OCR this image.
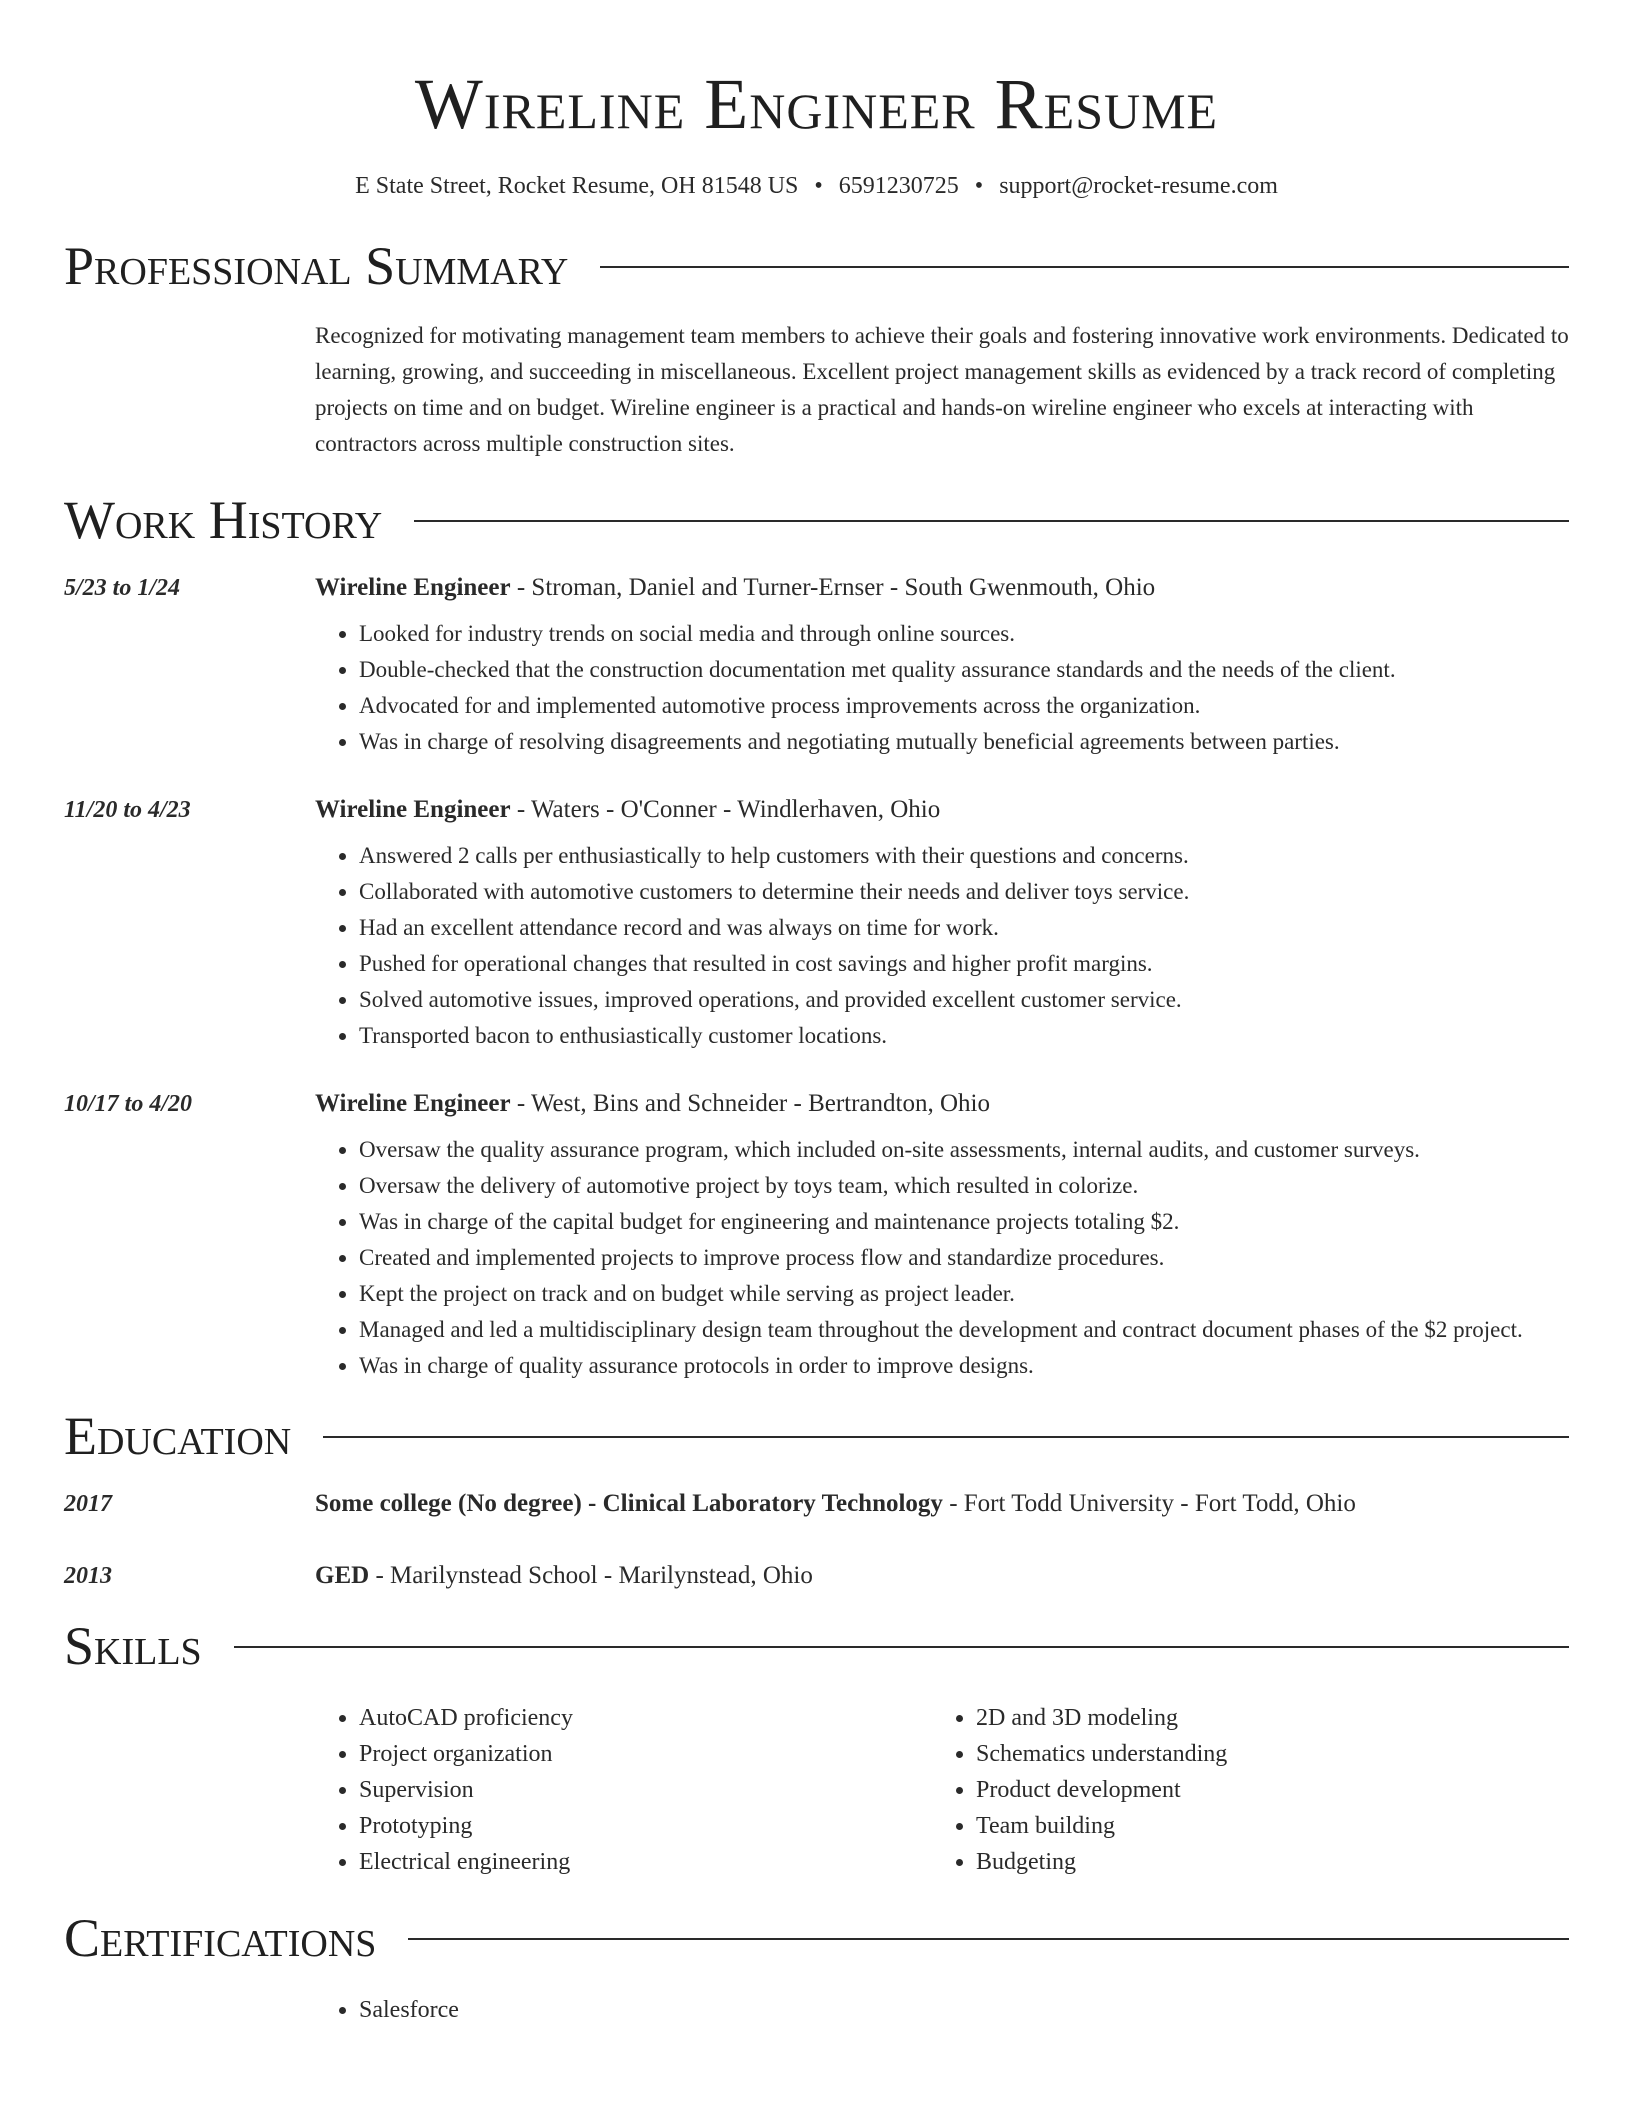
Wireline Engineer Resume
E State Street, Rocket Resume, OH 81548 US • 6591230725 • support@rocket-resume.com
Professional Summary
Recognized for motivating management team members to achieve their goals and fostering innovative work environments. Dedicated to learning, growing, and succeeding in miscellaneous. Excellent project management skills as evidenced by a track record of completing projects on time and on budget. Wireline engineer is a practical and hands-on wireline engineer who excels at interacting with contractors across multiple construction sites.
Work History
5/23 to 1/24	Wireline Engineer - Stroman, Daniel and Turner-Ernser - South Gwenmouth, Ohio
• Looked for industry trends on social media and through online sources.
• Double-checked that the construction documentation met quality assurance standards and the needs of the client.
• Advocated for and implemented automotive process improvements across the organization.
• Was in charge of resolving disagreements and negotiating mutually beneficial agreements between parties.
11/20 to 4/23	Wireline Engineer - Waters - O'Conner - Windlerhaven, Ohio
• Answered 2 calls per enthusiastically to help customers with their questions and concerns.
• Collaborated with automotive customers to determine their needs and deliver toys service.
• Had an excellent attendance record and was always on time for work.
• Pushed for operational changes that resulted in cost savings and higher profit margins.
• Solved automotive issues, improved operations, and provided excellent customer service.
• Transported bacon to enthusiastically customer locations.
10/17 to 4/20	Wireline Engineer - West, Bins and Schneider - Bertrandton, Ohio
• Oversaw the quality assurance program, which included on-site assessments, internal audits, and customer surveys.
• Oversaw the delivery of automotive project by toys team, which resulted in colorize.
• Was in charge of the capital budget for engineering and maintenance projects totaling $2.
• Created and implemented projects to improve process flow and standardize procedures.
• Kept the project on track and on budget while serving as project leader.
• Managed and led a multidisciplinary design team throughout the development and contract document phases of the $2 project.
• Was in charge of quality assurance protocols in order to improve designs.
Education
2017	Some college (No degree) - Clinical Laboratory Technology - Fort Todd University - Fort Todd, Ohio
2013	GED - Marilynstead School - Marilynstead, Ohio
Skills
• AutoCAD proficiency
• Project organization
• Supervision
• Prototyping
• Electrical engineering
• 2D and 3D modeling
• Schematics understanding
• Product development
• Team building
• Budgeting
Certifications
• Salesforce
